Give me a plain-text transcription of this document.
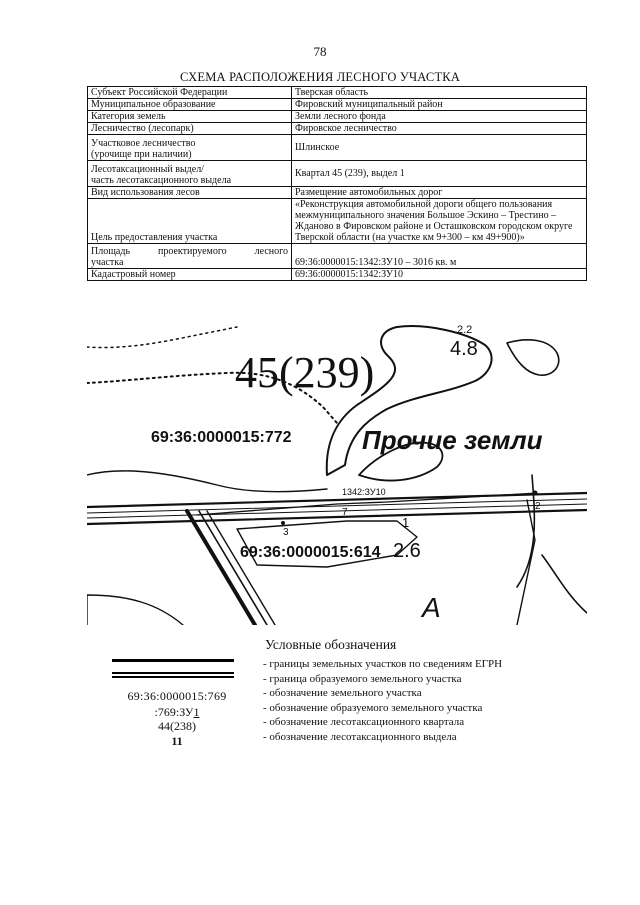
78
СХЕМА РАСПОЛОЖЕНИЯ ЛЕСНОГО УЧАСТКА
Субъект Российской Федерации	Тверская область
Муниципальное образование	Фировский муниципальный район
Категория земель	Земли лесного фонда
Лесничество (лесопарк)	Фировское лесничество

Участковое лесничество
(урочище при наличии)	Шлинское

Лесотаксационный выдел/
часть лесотаксационного выдела	Квартал 45 (239), выдел 1
Вид использования лесов	Размещение автомобильных дорог
Цель предоставления участка	«Реконструкция автомобильной дороги общего пользования межмуниципального значения Большое Эскино – Трестино – Жданово в Фировском районе и Осташковском городском округе Тверской области (на участке км 9+300 – км 49+900)»

Площадь проектируемого лесного
участка	69:36:0000015:1342:ЗУ10 – 3016 кв. м
Кадастровый номер	69:36:0000015:1342:ЗУ10
45(239)	4.8
2.2
69:36:0000015:772	Прочие земли
1342:ЗУ10
1
2
3
7
69:36:0000015:614 2.6
А
Условные обозначения
- границы земельных участков по сведениям ЕГРН
- граница образуемого земельного участка
- обозначение земельного участка
- обозначение образуемого земельного участка
- обозначение лесотаксационного квартала
- обозначение лесотаксационного выдела
69:36:0000015:769
:769:ЗУ1
44(238)
11
